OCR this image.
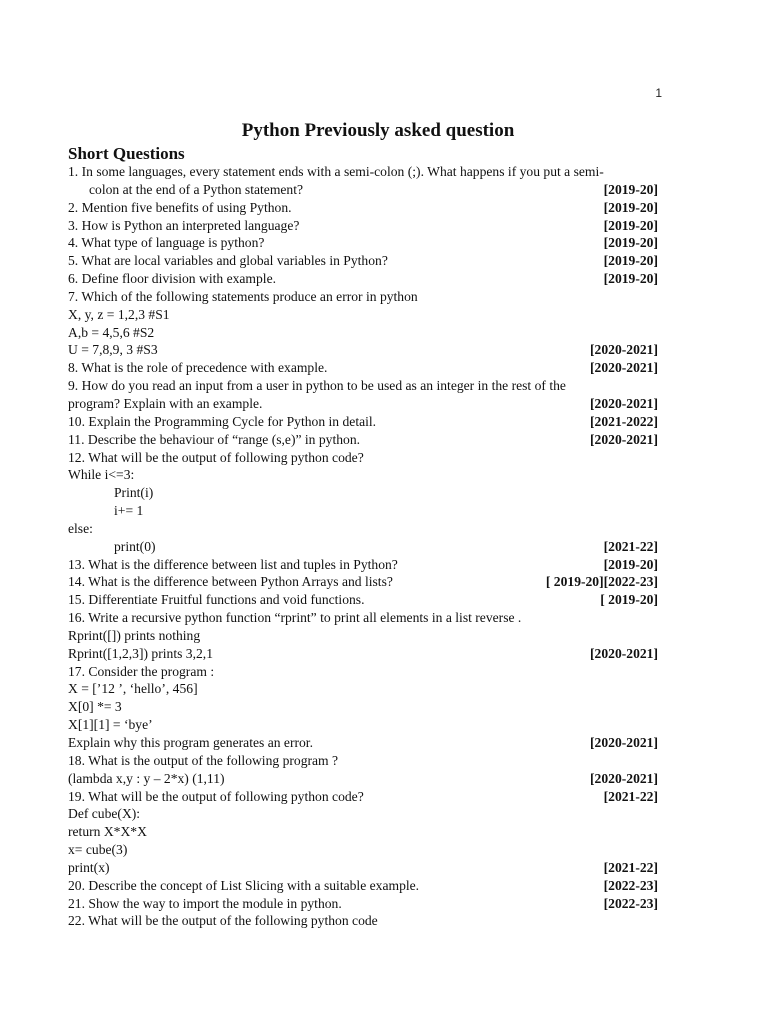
1
Python Previously asked question
Short Questions
1. In some languages, every statement ends with a semi-colon (;). What happens if you put a semi-
colon at the end of a Python statement?	[2019-20]
2. Mention five benefits of using Python.	[2019-20]
3. How is Python an interpreted language?	[2019-20]
4. What type of language is python?	[2019-20]
5. What are local variables and global variables in Python?	[2019-20]
6. Define floor division with example.	[2019-20]
7. Which of the following statements produce an error in python
X, y, z = 1,2,3 #S1
A,b = 4,5,6 #S2
U = 7,8,9, 3 #S3	[2020-2021]
8. What is the role of precedence with example.	[2020-2021]
9. How do you read an input from a user in python to be used as an integer in the rest of the
program? Explain with an example.	[2020-2021]
10. Explain the Programming Cycle for Python in detail.	[2021-2022]
11. Describe the behaviour of “range (s,e)” in python.	[2020-2021]
12. What will be the output of following python code?
While i<=3:
Print(i)
i+= 1
else:
print(0)	[2021-22]
13. What is the difference between list and tuples in Python?	[2019-20]
14. What is the difference between Python Arrays and lists?	[ 2019-20][2022-23]
15. Differentiate Fruitful functions and void functions.	[ 2019-20]
16. Write a recursive python function “rprint” to print all elements in a list reverse .
Rprint([]) prints nothing
Rprint([1,2,3]) prints 3,2,1	[2020-2021]
17. Consider the program :
X = [’12 ’, ‘hello’, 456]
X[0] *= 3
X[1][1] = ‘bye’
Explain why this program generates an error.	[2020-2021]
18. What is the output of the following program ?
(lambda x,y : y – 2*x) (1,11)	[2020-2021]
19. What will be the output of following python code?	[2021-22]
Def cube(X):
return X*X*X
x= cube(3)
print(x)	[2021-22]
20. Describe the concept of List Slicing with a suitable example.	[2022-23]
21. Show the way to import the module in python.	[2022-23]
22. What will be the output of the following python code
